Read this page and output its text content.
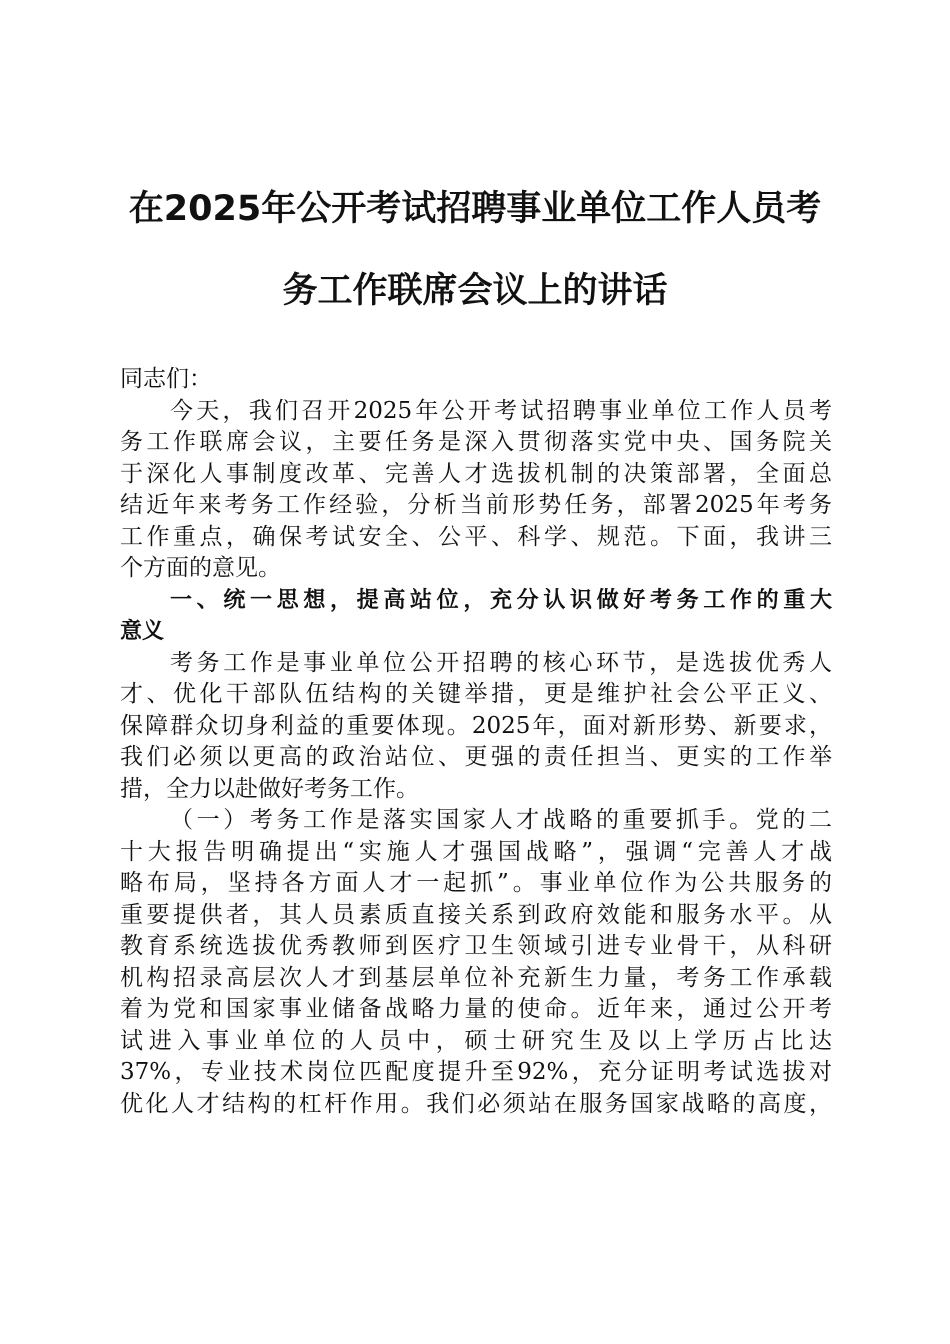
在2025年公开考试招聘事业单位工作人员考
务工作联席会议上的讲话
同志们：
今天，我们召开2025年公开考试招聘事业单位工作人员考
务工作联席会议，主要任务是深入贯彻落实党中央、国务院关
于深化人事制度改革、完善人才选拔机制的决策部署，全面总
结近年来考务工作经验，分析当前形势任务，部署2025年考务
工作重点，确保考试安全、公平、科学、规范。下面，我讲三
个方面的意见。
一、统一思想，提高站位，充分认识做好考务工作的重大
意义
考务工作是事业单位公开招聘的核心环节，是选拔优秀人
才、优化干部队伍结构的关键举措，更是维护社会公平正义、
保障群众切身利益的重要体现。2025年，面对新形势、新要求，
我们必须以更高的政治站位、更强的责任担当、更实的工作举
措，全力以赴做好考务工作。
（一）考务工作是落实国家人才战略的重要抓手。党的二
十大报告明确提出“实施人才强国战略”，强调“完善人才战
略布局，坚持各方面人才一起抓”。事业单位作为公共服务的
重要提供者，其人员素质直接关系到政府效能和服务水平。从
教育系统选拔优秀教师到医疗卫生领域引进专业骨干，从科研
机构招录高层次人才到基层单位补充新生力量，考务工作承载
着为党和国家事业储备战略力量的使命。近年来，通过公开考
试进入事业单位的人员中，硕士研究生及以上学历占比达
37%，专业技术岗位匹配度提升至92%，充分证明考试选拔对
优化人才结构的杠杆作用。我们必须站在服务国家战略的高度，
